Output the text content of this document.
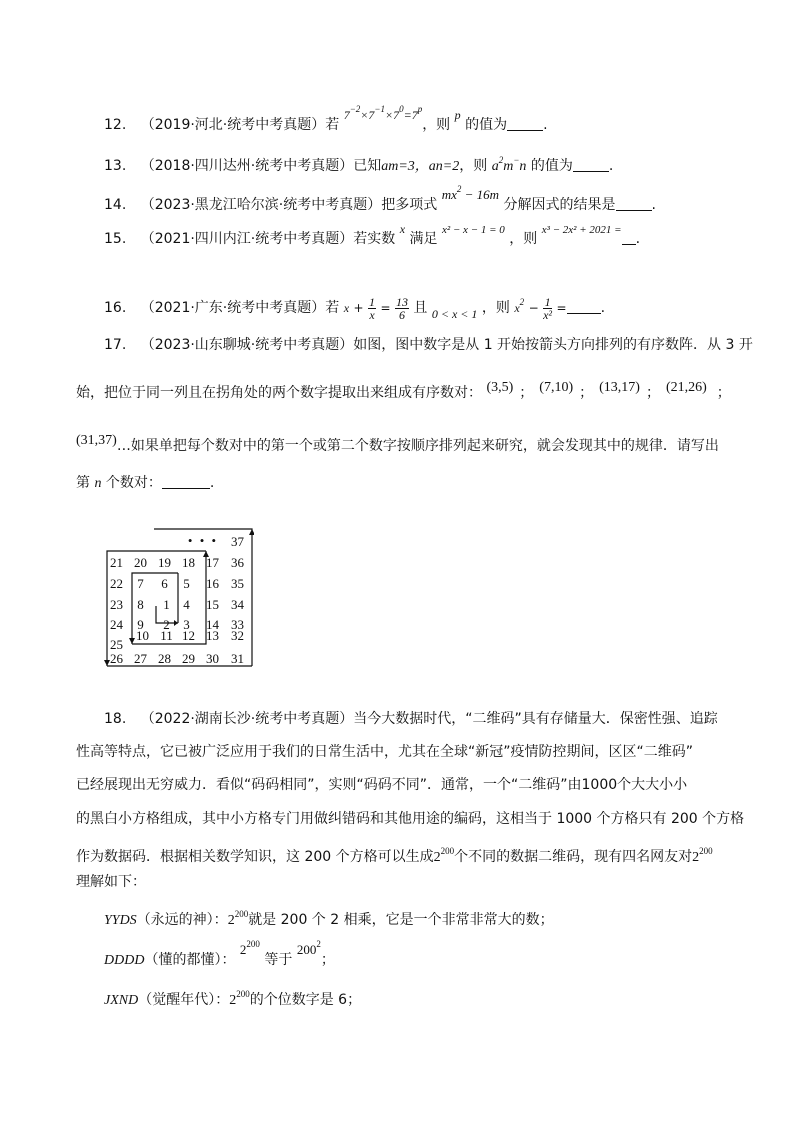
12. （2019·河北·统考中考真题）若 $7^{-2}\times 7^{-1}\times 7^0=7^p$，则 p 的值为	.
13. （2018·四川达州·统考中考真题）已知am=3，an=2，则 $a^2m^-n$ 的值为	.
14. （2023·黑龙江哈尔滨·统考中考真题）把多项式 $mx^2 - 16m$ 分解因式的结果是	.
15. （2021·四川内江·统考中考真题）若实数 x 满足 $^{x^2 - x - 1 = 0}$ ，则 $^{x^3 - 2x^2 + 2021 =}$.
16. （2021·广东·统考中考真题）若 $x + \frac{1}{x} = \frac{13}{6}$ 且 0 < x < 1 ，则 $x^2 - \frac{1}{\text{x²}}$ = .
17. （2023·山东聊城·统考中考真题）如图，图中数字是从 1 开始按箭头方向排列的有序数阵．从 3 开
始，把位于同一列且在拐角处的两个数字提取出来组成有序数对： (3,5) ； (7,10) ； (13,17) ； (21,26) ；
(31,37)…如果单把每个数对中的第一个或第二个数字按顺序排列起来研究，就会发现其中的规律．请写出
第 n 个数对：	.
• • • 37
21 20 19 18 17 36
22	7	6	5	16 35
23	8	1	4	15 34
24	9	2	3	14 33
25
10 11 12 13 32
26 27 28 29 30 31
18. （2022·湖南长沙·统考中考真题）当今大数据时代，“二维码”具有存储量大．保密性强、追踪
性高等特点，它已被广泛应用于我们的日常生活中，尤其在全球“新冠”疫情防控期间，区区“二维码”
已经展现出无穷威力．看似“码码相同”，实则“码码不同”．通常，一个“二维码”由1000个大大小小
的黑白小方格组成，其中小方格专门用做纠错码和其他用途的编码，这相当于 1000 个方格只有 200 个方格
作为数据码．根据相关数学知识，这 200 个方格可以生成$2^{200}$个不同的数据二维码，现有四名网友对$2^{200}$
理解如下：
YYDS（永远的神）：$2^{200}$就是 200 个 2 相乘，它是一个非常非常大的数；
DDDD（懂的都懂）： $2^{200}$ 等于 $200^2$；
JXND（觉醒年代）：$2^{200}$的个位数字是 6；
